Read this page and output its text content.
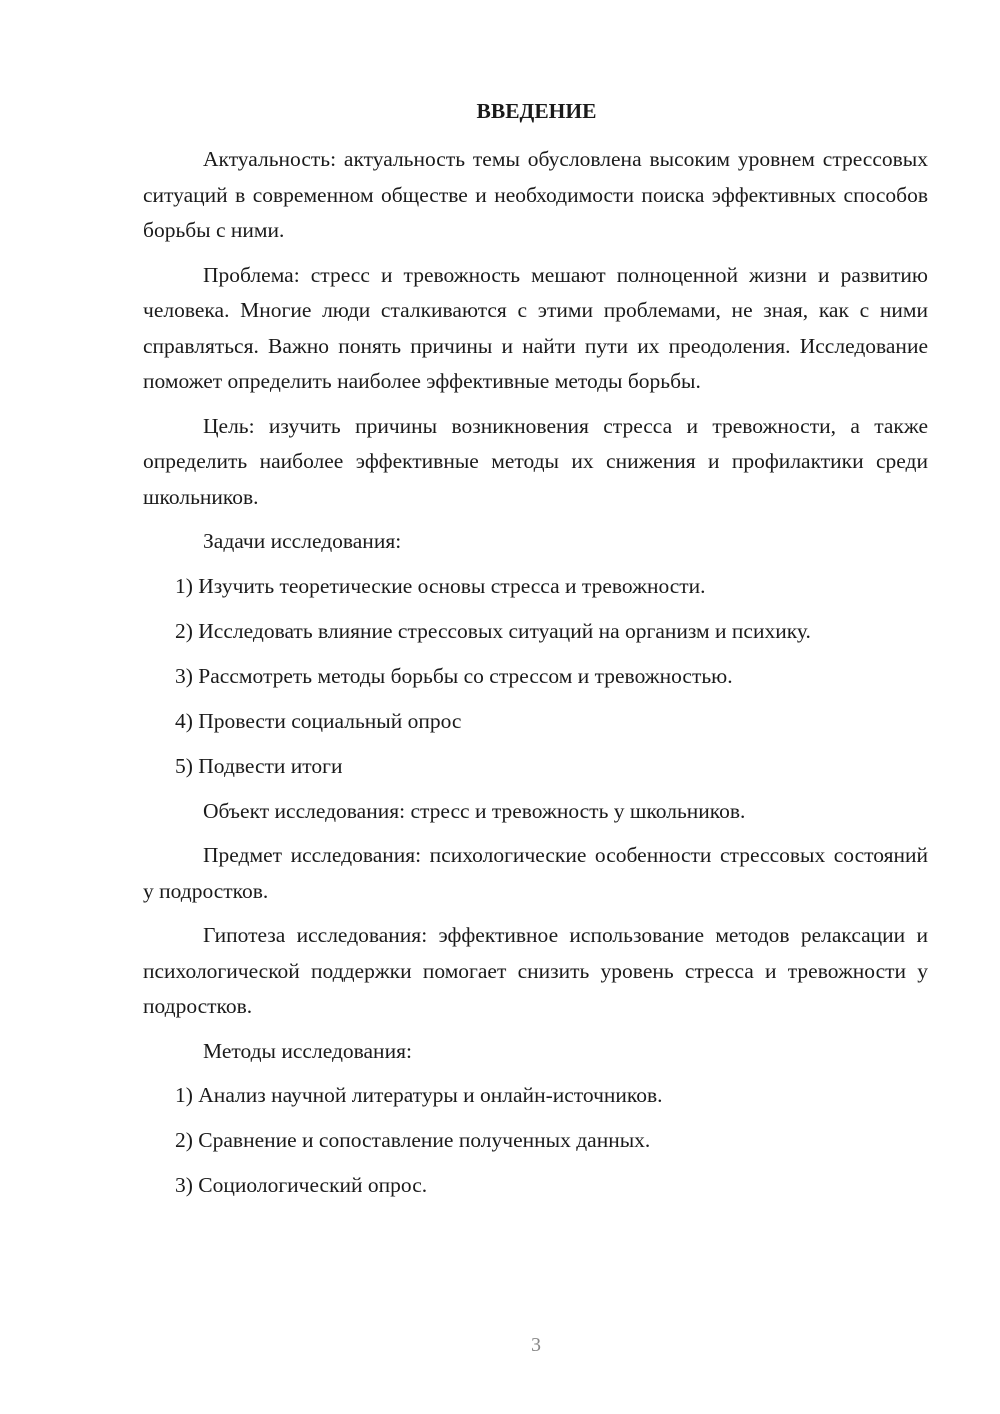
ВВЕДЕНИЕ

Актуальность: актуальность темы обусловлена высоким уровнем стрессовых ситуаций в современном обществе и необходимости поиска эффективных способов борьбы с ними.

Проблема: стресс и тревожность мешают полноценной жизни и развитию человека. Многие люди сталкиваются с этими проблемами, не зная, как с ними справляться. Важно понять причины и найти пути их преодоления. Исследование поможет определить наиболее эффективные методы борьбы.

Цель: изучить причины возникновения стресса и тревожности, а также определить наиболее эффективные методы их снижения и профилактики среди школьников.

Задачи исследования:

1) Изучить теоретические основы стресса и тревожности.
2) Исследовать влияние стрессовых ситуаций на организм и психику.
3) Рассмотреть методы борьбы со стрессом и тревожностью.
4) Провести социальный опрос
5) Подвести итоги

Объект исследования: стресс и тревожность у школьников.

Предмет исследования: психологические особенности стрессовых состояний у подростков.

Гипотеза исследования: эффективное использование методов релаксации и психологической поддержки помогает снизить уровень стресса и тревожности у подростков.

Методы исследования:

1) Анализ научной литературы и онлайн-источников.
2) Сравнение и сопоставление полученных данных.
3) Социологический опрос.
3
